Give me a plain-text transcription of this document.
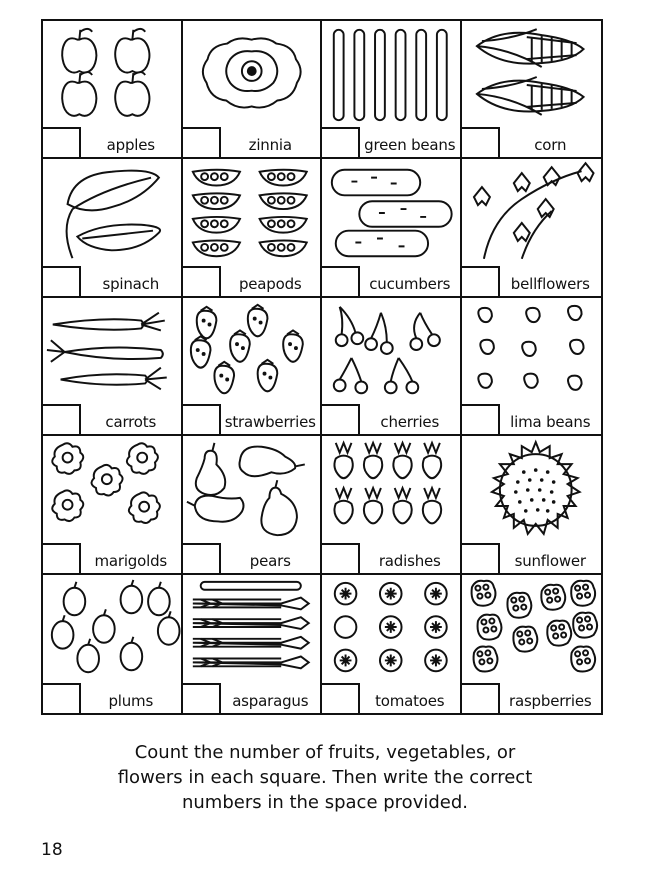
apples	zinnia	green beans	corn
spinach	peapods	cucumbers	bellflowers
carrots	strawberries	cherries	lima beans
marigolds	pears	radishes	sunflower
plums	asparagus	tomatoes	raspberries
Count the number of fruits, vegetables, or
flowers in each square. Then write the correct
numbers in the space provided.
18
